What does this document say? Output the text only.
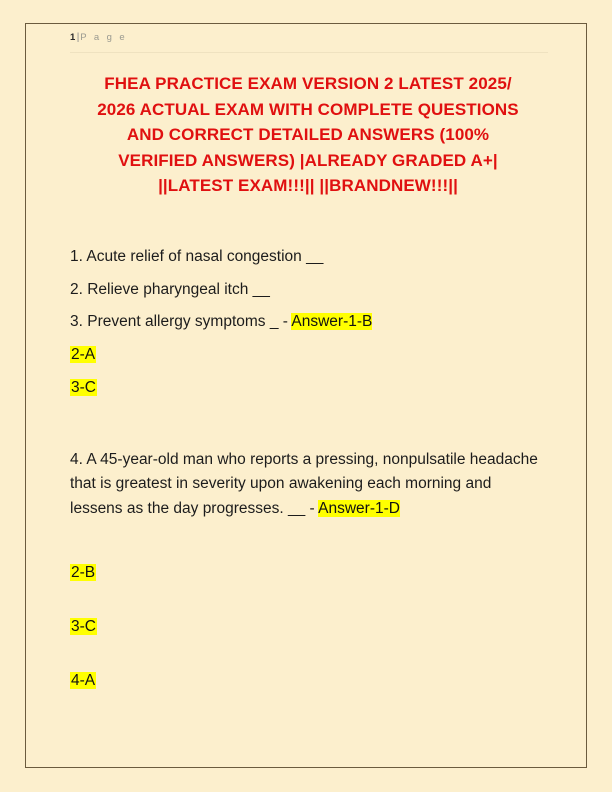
1|P a g e
FHEA PRACTICE EXAM VERSION 2 LATEST 2025/
2026 ACTUAL EXAM WITH COMPLETE QUESTIONS
AND CORRECT DETAILED ANSWERS (100%
VERIFIED ANSWERS) |ALREADY GRADED A+|
||LATEST EXAM!!!|| ||BRANDNEW!!!||
1. Acute relief of nasal congestion __
2. Relieve pharyngeal itch __
3. Prevent allergy symptoms _ - Answer-1-B
2-A
3-C
4. A 45-year-old man who reports a pressing, nonpulsatile headache that is greatest in severity upon awakening each morning and lessens as the day progresses. __ - Answer-1-D
2-B
3-C
4-A
